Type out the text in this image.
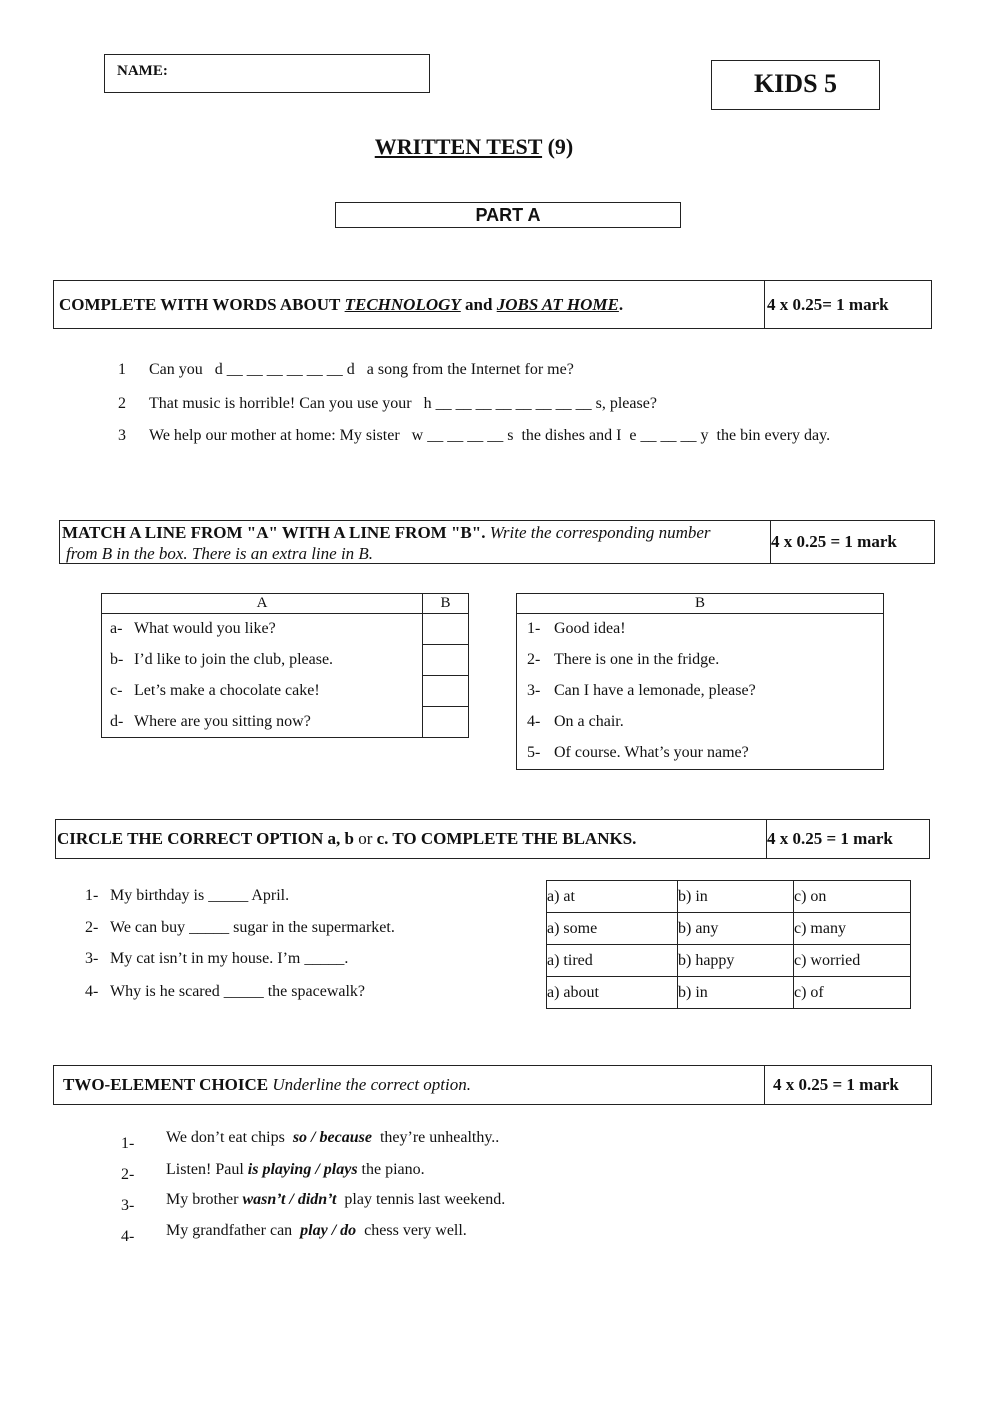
NAME:	KIDS 5
WRITTEN TEST (9)
PART A
COMPLETE WITH WORDS ABOUT
TECHNOLOGY
and
JOBS AT HOME .	4 x 0.25= 1 mark
1 Can you   d __ __ __ __ __ __ d   a song from the Internet for me?
2 That music is horrible! Can you use your   h __ __ __ __ __ __ __ __ s, please?
3 We help our mother at home: My sister   w __ __ __ __ s  the dishes and I  e __ __ __ y  the bin every day.
MATCH A LINE FROM "A" WITH A LINE FROM "B". Write the corresponding number
from B in the box. There is an extra line in B.
4 x 0.25 = 1 mark
A	B
a- What would you like?	
b- I’d like to join the club, please.	
c- Let’s make a chocolate cake!	
d- Where are you sitting now?	
B
1- Good idea!
2- There is one in the fridge.
3- Can I have a lemonade, please?
4- On a chair.
5- Of course. What’s your name?
CIRCLE THE CORRECT OPTION a , b or c . TO COMPLETE THE BLANKS.	4 x 0.25 = 1 mark
1- My birthday is _____ April.
2- We can buy _____ sugar in the supermarket.
3- My cat isn’t in my house. I’m _____.
4- Why is he scared _____ the spacewalk?
a) at	b) in	c) on
a) some	b) any	c) many
a) tired	b) happy	c) worried
a) about	b) in	c) of
TWO-ELEMENT CHOICE Underline the correct option.	4 x 0.25 = 1 mark
1- We don’t eat chips  so / because  they’re unhealthy..
2- Listen! Paul is playing / plays the piano.
3- My brother wasn’t / didn’t  play tennis last weekend.
4- My grandfather can  play / do  chess very well.
